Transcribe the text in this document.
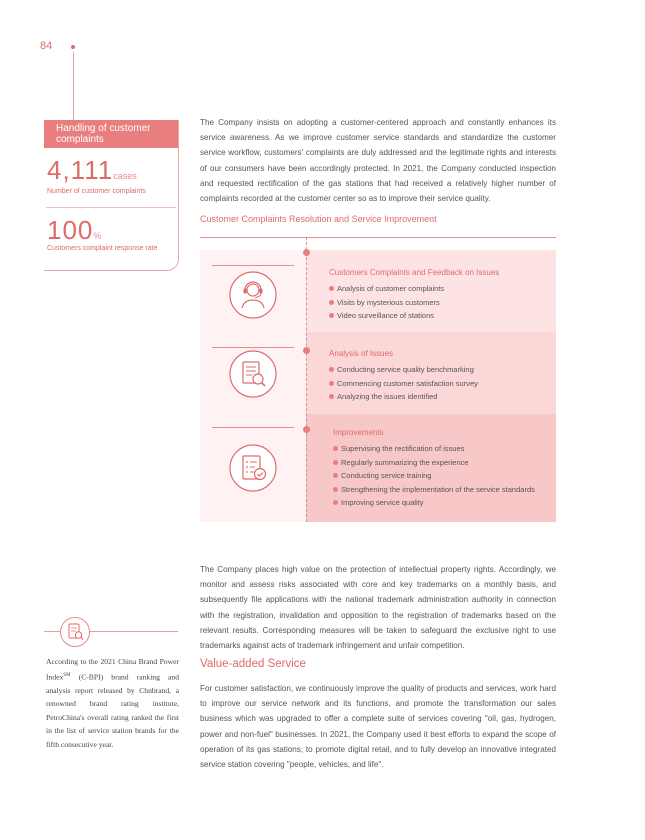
84
Handling of customer complaints
4,111cases
Number of customer complaints
100%
Customers complaint response rate
The Company insists on adopting a customer-centered approach and constantly enhances its service awareness. As we improve customer service standards and standardize the customer service workflow, customers' complaints are duly addressed and the legitimate rights and interests of our consumers have been accordingly protected. In 2021, the Company conducted inspection and requested rectification of the gas stations that had received a relatively higher number of complaints recorded at the customer center so as to improve their service quality.
Customer Complaints Resolution and Service Improvement
Customers Complaints and Feedback on Issues
Analysis of customer complaints
Visits by mysterious customers
Video surveillance of stations
Analysis of Issues
Conducting service quality benchmarking
Commencing customer satisfaction survey
Analyzing the issues identified
Improvements
Supervising the rectification of issues
Regularly summarizing the experience
Conducting service training
Strengthening the implementation of the service standards
Improving service quality
The Company places high value on the protection of intellectual property rights. Accordingly, we monitor and assess risks associated with core and key trademarks on a monthly basis, and subsequently file applications with the national trademark administration authority in connection with the registration, invalidation and opposition to the registration of trademarks based on the relevant results. Corresponding measures will be taken to safeguard the exclusive right to use trademarks against acts of trademark infringement and unfair competition.
Value-added Service
For customer satisfaction, we continuously improve the quality of products and services, work hard to improve our service network and its functions, and promote the transformation our sales business which was upgraded to offer a complete suite of services covering "oil, gas, hydrogen, power and non-fuel" businesses. In 2021, the Company used it best efforts to expand the scope of operation of its gas stations, to promote digital retail, and to fully develop an innovative integrated service station covering "people, vehicles, and life".
According to the 2021 China Brand Power Index℠ (C-BPI) brand ranking and analysis report released by Chnbrand, a renowned brand rating institute, PetroChina's overall rating ranked the first in the list of service station brands for the fifth consecutive year.
